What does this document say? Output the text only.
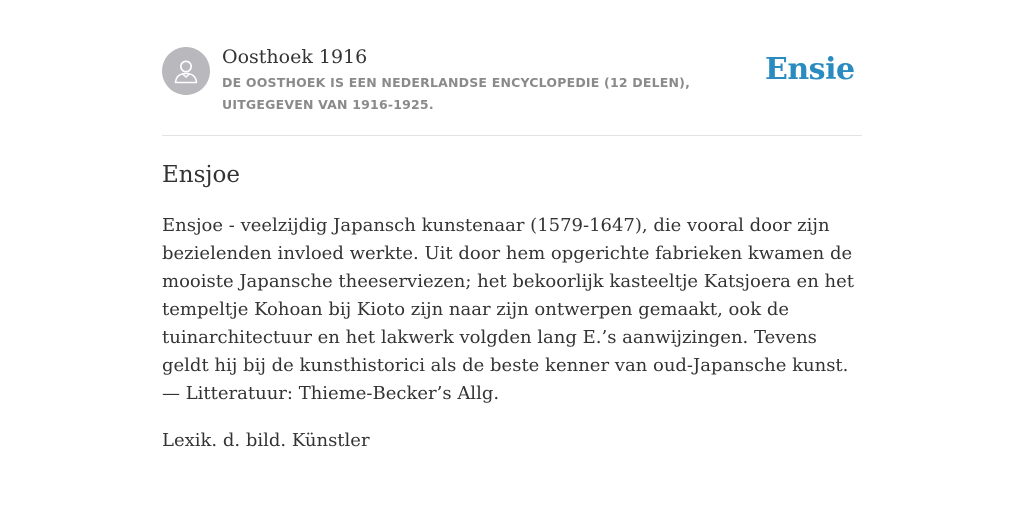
Oosthoek 1916
DE OOSTHOEK IS EEN NEDERLANDSE ENCYCLOPEDIE (12 DELEN), UITGEGEVEN VAN 1916-1925.
Ensie
Ensjoe

Ensjoe - veelzijdig Japansch kunstenaar (1579-1647), die vooral door zijn bezielenden invloed werkte. Uit door hem opgerichte fabrieken kwamen de mooiste Japansche theeserviezen; het bekoorlijk kasteeltje Katsjoera en het tempeltje Kohoan bij Kioto zijn naar zijn ontwerpen gemaakt, ook de tuinarchitectuur en het lakwerk volgden lang E.’s aanwijzingen. Tevens geldt hij bij de kunsthistorici als de beste kenner van oud-Japansche kunst. — Litteratuur: Thieme-Becker’s Allg.

Lexik. d. bild. Künstler
